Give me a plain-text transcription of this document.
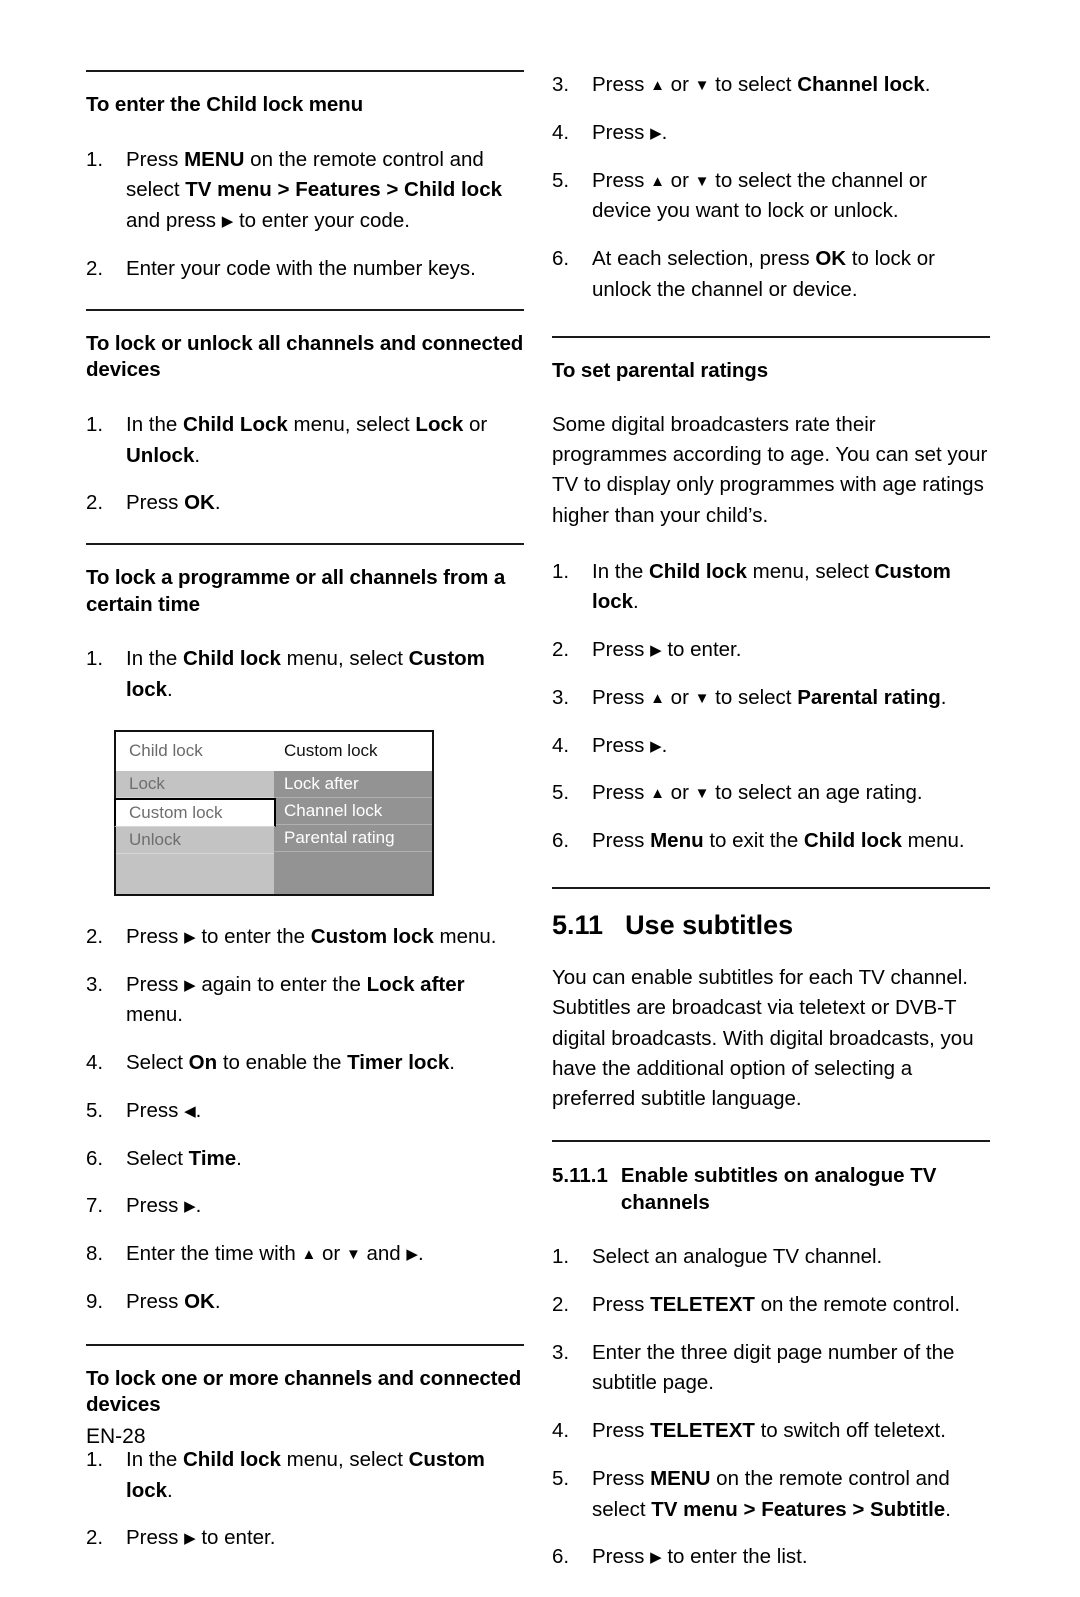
To enter the Child lock menu
1.	Press MENU on the remote control and select TV menu > Features > Child lock and press ▶ to enter your code.
2.	Enter your code with the number keys.
To lock or unlock all channels and connected devices
1.	In the Child Lock menu, select Lock or Unlock.
2.	Press OK.
To lock a programme or all channels from a certain time
1.	In the Child lock menu, select Custom lock.
Child lock	Custom lock
Lock
Custom lock
Unlock

Lock after
Channel lock
Parental rating

2.	Press ▶ to enter the Custom lock menu.
3.	Press ▶ again to enter the Lock after menu.
4.	Select On to enable the Timer lock.
5.	Press ◀.
6.	Select Time.
7.	Press ▶.
8.	Enter the time with ▲ or ▼ and ▶.
9.	Press OK.
To lock one or more channels and connected devices
1.	In the Child lock menu, select Custom lock.
2.	Press ▶ to enter.
3.	Press ▲ or ▼ to select Channel lock.
4.	Press ▶.
5.	Press ▲ or ▼ to select the channel or device you want to lock or unlock.
6.	At each selection, press OK to lock or unlock the channel or device.
To set parental ratings

Some digital broadcasters rate their programmes according to age. You can set your TV to display only programmes with age ratings higher than your child’s.

1.	In the Child lock menu, select Custom lock.
2.	Press ▶ to enter.
3.	Press ▲ or ▼ to select Parental rating.
4.	Press ▶.
5.	Press ▲ or ▼ to select an age rating.
6.	Press Menu to exit the Child lock menu.
5.11 Use subtitles

You can enable subtitles for each TV channel. Subtitles are broadcast via teletext or DVB-T digital broadcasts. With digital broadcasts, you have the additional option of selecting a preferred subtitle language.

5.11.1 Enable subtitles on analogue TV channels
1.	Select an analogue TV channel.
2.	Press TELETEXT on the remote control.
3.	Enter the three digit page number of the subtitle page.
4.	Press TELETEXT to switch off teletext.
5.	Press MENU on the remote control and select TV menu > Features > Subtitle.
6.	Press ▶ to enter the list.
EN-28
